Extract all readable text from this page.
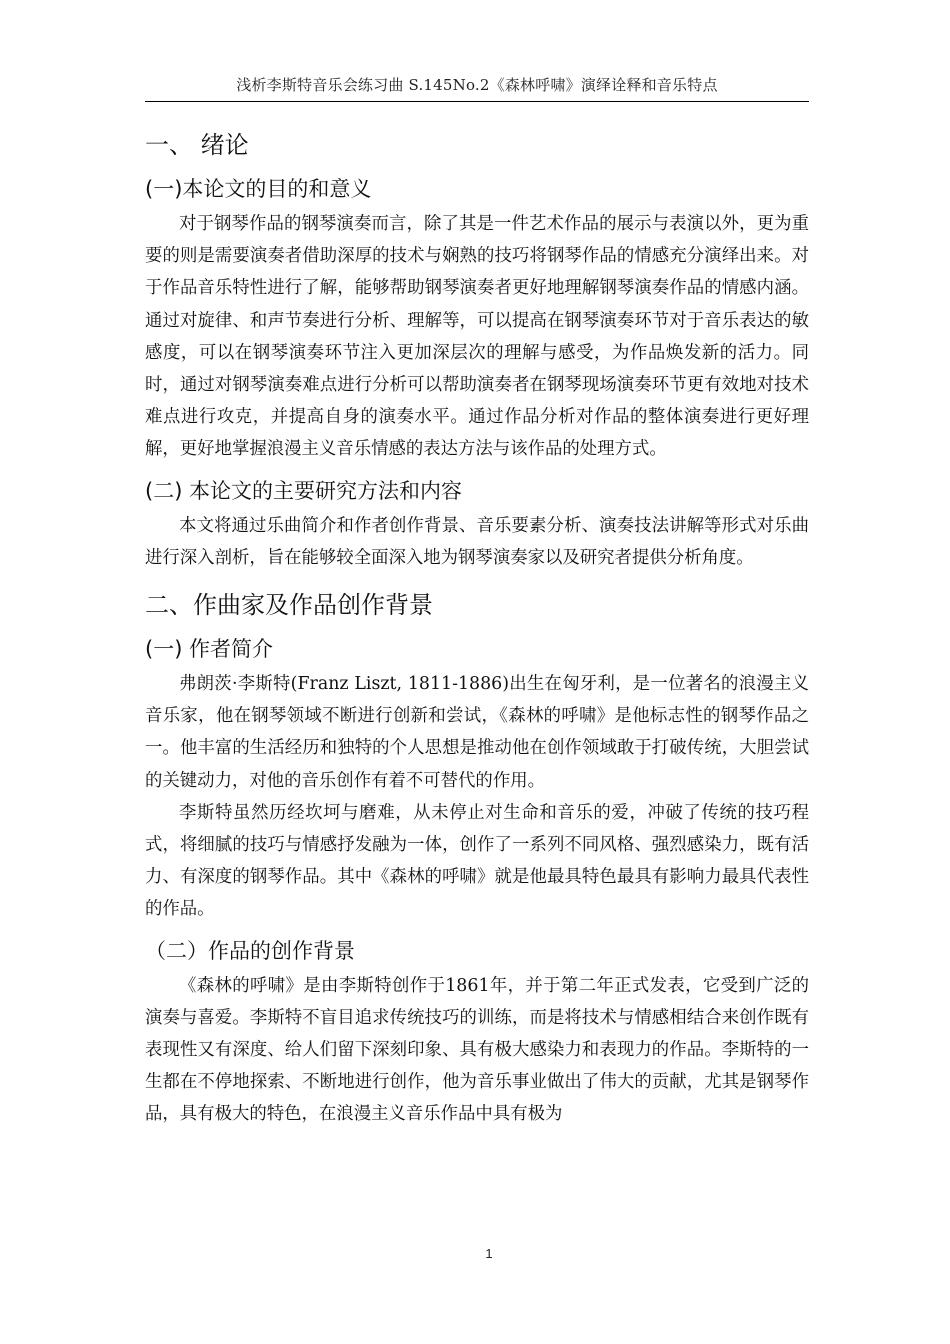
浅析李斯特音乐会练习曲 S.145No.2《森林呼啸》演绎诠释和音乐特点
一、 绪论
(一)本论文的目的和意义

对于钢琴作品的钢琴演奏而言，除了其是一件艺术作品的展示与表演以外，更为重要的则是需要演奏者借助深厚的技术与娴熟的技巧将钢琴作品的情感充分演绎出来。对于作品音乐特性进行了解，能够帮助钢琴演奏者更好地理解钢琴演奏作品的情感内涵。通过对旋律、和声节奏进行分析、理解等，可以提高在钢琴演奏环节对于音乐表达的敏感度，可以在钢琴演奏环节注入更加深层次的理解与感受，为作品焕发新的活力。同时，通过对钢琴演奏难点进行分析可以帮助演奏者在钢琴现场演奏环节更有效地对技术难点进行攻克，并提高自身的演奏水平。通过作品分析对作品的整体演奏进行更好理解，更好地掌握浪漫主义音乐情感的表达方法与该作品的处理方式。

(二) 本论文的主要研究方法和内容

本文将通过乐曲简介和作者创作背景、音乐要素分析、演奏技法讲解等形式对乐曲进行深入剖析，旨在能够较全面深入地为钢琴演奏家以及研究者提供分析角度。

二、作曲家及作品创作背景
(一) 作者简介

弗朗茨·李斯特(Franz Liszt, 1811-1886)出生在匈牙利，是一位著名的浪漫主义音乐家，他在钢琴领域不断进行创新和尝试，《森林的呼啸》是他标志性的钢琴作品之一。他丰富的生活经历和独特的个人思想是推动他在创作领域敢于打破传统，大胆尝试的关键动力，对他的音乐创作有着不可替代的作用。

李斯特虽然历经坎坷与磨难，从未停止对生命和音乐的爱，冲破了传统的技巧程式，将细腻的技巧与情感抒发融为一体，创作了一系列不同风格、强烈感染力，既有活力、有深度的钢琴作品。其中《森林的呼啸》就是他最具特色最具有影响力最具代表性的作品。

（二）作品的创作背景

《森林的呼啸》是由李斯特创作于1861年，并于第二年正式发表，它受到广泛的演奏与喜爱。李斯特不盲目追求传统技巧的训练，而是将技术与情感相结合来创作既有表现性又有深度、给人们留下深刻印象、具有极大感染力和表现力的作品。李斯特的一生都在不停地探索、不断地进行创作，他为音乐事业做出了伟大的贡献，尤其是钢琴作品，具有极大的特色，在浪漫主义音乐作品中具有极为

1
